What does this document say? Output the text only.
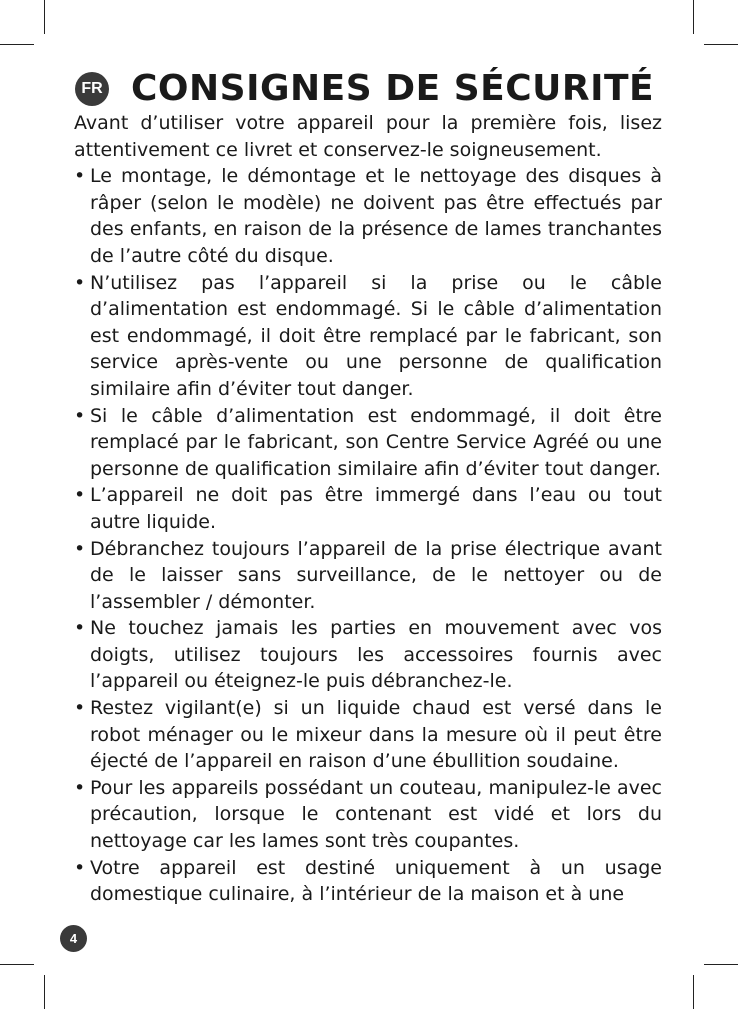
FR CONSIGNES DE SÉCURITÉ

Avant d’utiliser votre appareil pour la première fois, lisez attentivement ce livret et conservez-le soigneusement.

• Le montage, le démontage et le nettoyage des disques à râper (selon le modèle) ne doivent pas être effectués par des enfants, en raison de la présence de lames tranchantes de l’autre côté du disque.
• N’utilisez pas l’appareil si la prise ou le câble d’alimentation est endommagé. Si le câble d’alimentation est endommagé, il doit être remplacé par le fabricant, son service après-vente ou une personne de qualification similaire afin d’éviter tout danger.
• Si le câble d’alimentation est endommagé, il doit être remplacé par le fabricant, son Centre Service Agréé ou une personne de qualification similaire afin d’éviter tout danger.
• L’appareil ne doit pas être immergé dans l’eau ou tout autre liquide.
• Débranchez toujours l’appareil de la prise électrique avant de le laisser sans surveillance, de le nettoyer ou de l’assembler / démonter.
• Ne touchez jamais les parties en mouvement avec vos doigts, utilisez toujours les accessoires fournis avec l’appareil ou éteignez-le puis débranchez-le.
• Restez vigilant(e) si un liquide chaud est versé dans le robot ménager ou le mixeur dans la mesure où il peut être éjecté de l’appareil en raison d’une ébullition soudaine.
• Pour les appareils possédant un couteau, manipulez-le avec précaution, lorsque le contenant est vidé et lors du nettoyage car les lames sont très coupantes.
• Votre appareil est destiné uniquement à un usage domestique culinaire, à l’intérieur de la maison et à une
4
